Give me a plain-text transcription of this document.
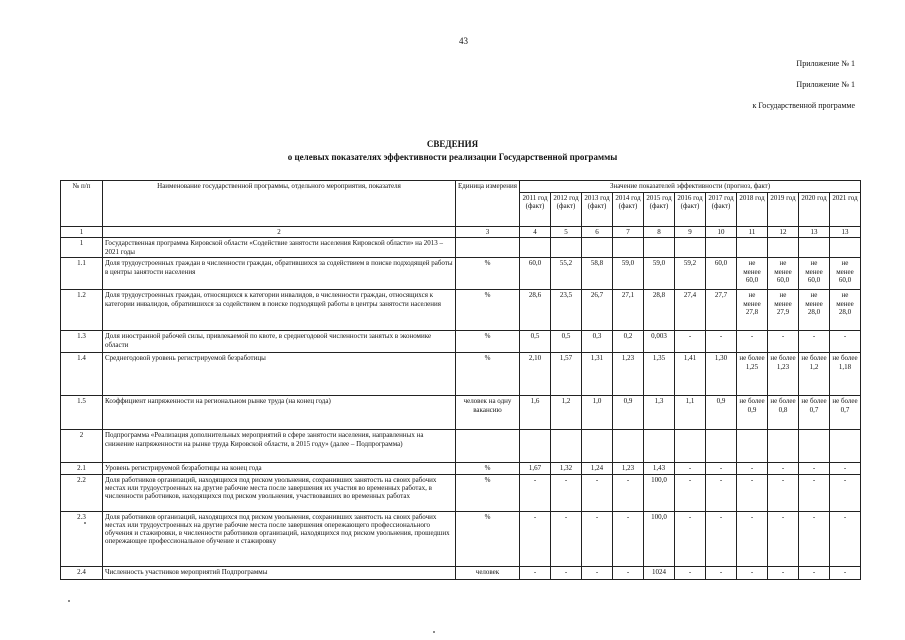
43
Приложение № 1
Приложение № 1
к Государственной программе
СВЕДЕНИЯ
о целевых показателях эффективности реализации Государственной программы
№ п/п	Наименование государственной программы, отдельного мероприятия, показателя	Единица измерения	Значение показателей эффективности (прогноз, факт)										
			2011 год (факт)	2012 год (факт)	2013 год (факт)	2014 год (факт)	2015 год (факт)	2016 год (факт)	2017 год (факт)	2018 год	2019 год	2020 год	2021 год
1	2	3	4	5	6	7	8	9	10	11	12	13	13
1	Государственная программа Кировской области «Содействие занятости населения Кировской области» на 2013 – 2021 годы												
1.1	Доля трудоустроенных граждан в численности граждан, обратившихся за содействием в поиске подходящей работы в центры занятости населения	%	60,0	55,2	58,8	59,0	59,0	59,2	60,0	не менее 60,0	не менее 60,0	не менее 60,0	не менее 60,0
1.2	Доля трудоустроенных граждан, относящихся к категории инвалидов, в численности граждан, относящихся к категории инвалидов, обратившихся за содействием в поиске подходящей работы в центры занятости населения	%	28,6	23,5	26,7	27,1	28,8	27,4	27,7	не менее 27,8	не менее 27,9	не менее 28,0	не менее 28,0
1.3	Доля иностранной рабочей силы, привлекаемой по квоте, в среднегодовой численности занятых в экономике области	%	0,5	0,5	0,3	0,2	0,003	-	-	-	-	-	-
1.4	Среднегодовой уровень регистрируемой безработицы	%	2,10	1,57	1,31	1,23	1,35	1,41	1,30	не более 1,25	не более 1,23	не более 1,2	не более 1,18
1.5	Коэффициент напряженности на региональном рынке труда (на конец года)	человек на одну вакансию	1,6	1,2	1,0	0,9	1,3	1,1	0,9	не более 0,9	не более 0,8	не более 0,7	не более 0,7
2	Подпрограмма «Реализация дополнительных мероприятий в сфере занятости населения, направленных на снижение напряженности на рынке труда Кировской области, в 2015 году» (далее – Подпрограмма)												
2.1	Уровень регистрируемой безработицы на конец года	%	1,67	1,32	1,24	1,23	1,43	-	-	-	-	-	-
2.2	Доля работников организаций, находящихся под риском увольнения, сохранивших занятость на своих рабочих местах или трудоустроенных на другие рабочие места после завершения их участия во временных работах, в численности работников, находящихся под риском увольнения, участвовавших во временных работах	%	-	-	-	-	100,0	-	-	-	-	-	-
2.3	Доля работников организаций, находящихся под риском увольнения, сохранивших занятость на своих рабочих местах или трудоустроенных на другие рабочие места после завершения опережающего профессионального обучения и стажировки, в численности работников организаций, находящихся под риском увольнения, прошедших опережающее профессиональное обучение и стажировку	%	-	-	-	-	100,0	-	-	-	-	-	-
2.4	Численность участников мероприятий Подпрограммы	человек	-	-	-	-	1024	-	-	-	-	-	-
